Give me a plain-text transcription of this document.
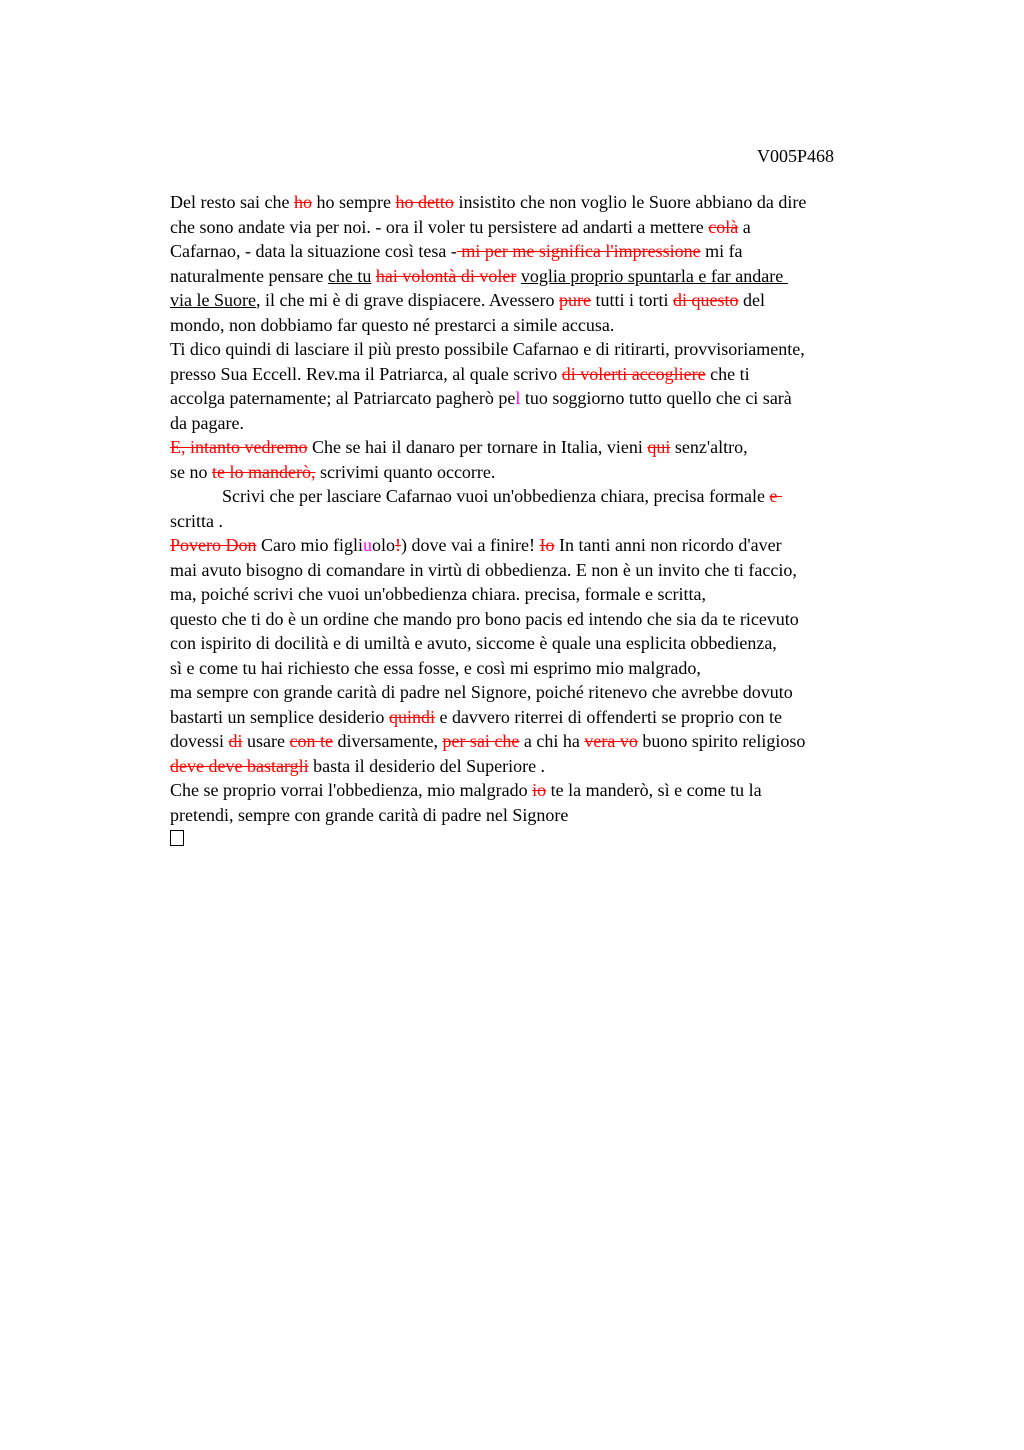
V005P468
Del resto sai che ho ho sempre ho detto insistito che non voglio le Suore abbiano da dire
che sono andate via per noi. - ora il voler tu persistere ad andarti a mettere colà a
Cafarnao, - data la situazione così tesa - mi per me significa l'impressione mi fa
naturalmente pensare che tu hai volontà di voler voglia proprio spuntarla e far andare
via le Suore, il che mi è di grave dispiacere. Avessero pure tutti i torti di questo del
mondo, non dobbiamo far questo né prestarci a simile accusa.
Ti dico quindi di lasciare il più presto possibile Cafarnao e di ritirarti, provvisoriamente,
presso Sua Eccell. Rev.ma il Patriarca, al quale scrivo di volerti accogliere che ti
accolga paternamente; al Patriarcato pagherò pel tuo soggiorno tutto quello che ci sarà
da pagare.
E, intanto vedremo Che se hai il danaro per tornare in Italia, vieni qui senz'altro,
se no te lo manderò, scrivimi quanto occorre.
Scrivi che per lasciare Cafarnao vuoi un'obbedienza chiara, precisa formale e
scritta .
Povero Don Caro mio figliuolo!) dove vai a finire! Io In tanti anni non ricordo d'aver
mai avuto bisogno di comandare in virtù di obbedienza. E non è un invito che ti faccio,
ma, poiché scrivi che vuoi un'obbedienza chiara. precisa, formale e scritta,
questo che ti do è un ordine che mando pro bono pacis ed intendo che sia da te ricevuto
con ispirito di docilità e di umiltà e avuto, siccome è quale una esplicita obbedienza,
sì e come tu hai richiesto che essa fosse, e così mi esprimo mio malgrado,
ma sempre con grande carità di padre nel Signore, poiché ritenevo che avrebbe dovuto
bastarti un semplice desiderio quindi e davvero riterrei di offenderti se proprio con te
dovessi di usare con te diversamente, per sai che a chi ha vera vo buono spirito religioso
deve deve bastargli basta il desiderio del Superiore .
Che se proprio vorrai l'obbedienza, mio malgrado io te la manderò, sì e come tu la
pretendi, sempre con grande carità di padre nel Signore
